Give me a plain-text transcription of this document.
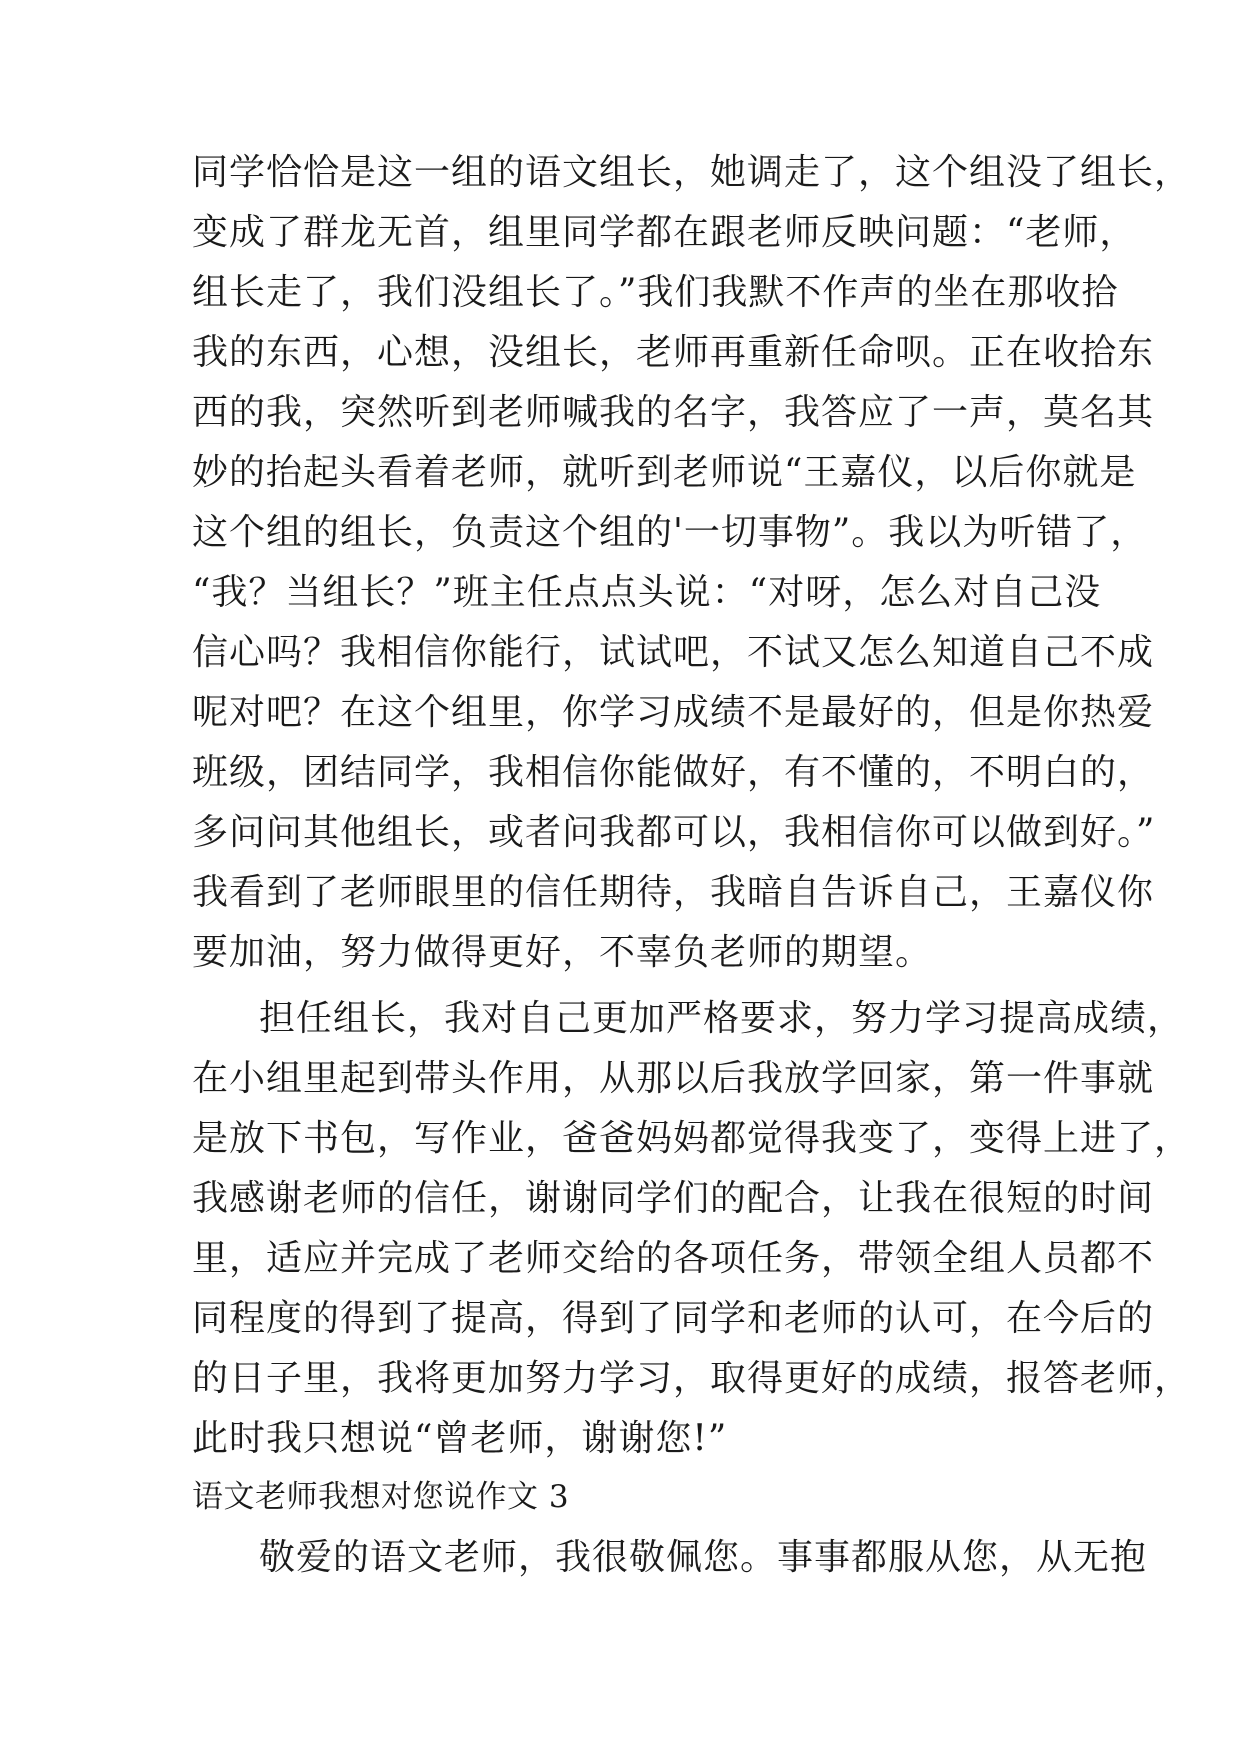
同学恰恰是这一组的语文组长，她调走了，这个组没了组长，
变成了群龙无首，组里同学都在跟老师反映问题：“老师，
组长走了，我们没组长了。”我们我默不作声的坐在那收拾
我的东西，心想，没组长，老师再重新任命呗。正在收拾东
西的我，突然听到老师喊我的名字，我答应了一声，莫名其
妙的抬起头看着老师，就听到老师说“王嘉仪，以后你就是
这个组的组长，负责这个组的'一切事物”。我以为听错了，
“我？当组长？”班主任点点头说：“对呀，怎么对自己没
信心吗？我相信你能行，试试吧，不试又怎么知道自己不成
呢对吧？在这个组里，你学习成绩不是最好的，但是你热爱
班级，团结同学，我相信你能做好，有不懂的，不明白的，
多问问其他组长，或者问我都可以，我相信你可以做到好。”
我看到了老师眼里的信任期待，我暗自告诉自己，王嘉仪你
要加油，努力做得更好，不辜负老师的期望。
担任组长，我对自己更加严格要求，努力学习提高成绩，
在小组里起到带头作用，从那以后我放学回家，第一件事就
是放下书包，写作业，爸爸妈妈都觉得我变了，变得上进了，
我感谢老师的信任，谢谢同学们的配合，让我在很短的时间
里，适应并完成了老师交给的各项任务，带领全组人员都不
同程度的得到了提高，得到了同学和老师的认可，在今后的
的日子里，我将更加努力学习，取得更好的成绩，报答老师，
此时我只想说“曾老师，谢谢您!”
语文老师我想对您说作文 3
敬爱的语文老师，我很敬佩您。事事都服从您，从无抱
